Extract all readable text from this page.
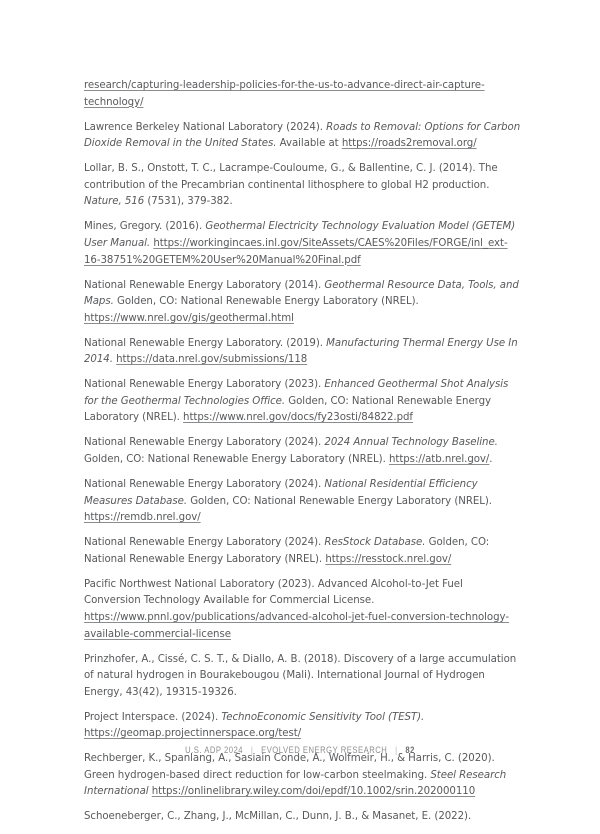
research/capturing-leadership-policies-for-the-us-to-advance-direct-air-capture-technology/

Lawrence Berkeley National Laboratory (2024). Roads to Removal: Options for Carbon Dioxide Removal in the United States. Available at https://roads2removal.org/

Lollar, B. S., Onstott, T. C., Lacrampe-Couloume, G., & Ballentine, C. J. (2014). The contribution of the Precambrian continental lithosphere to global H2 production. Nature, 516 (7531), 379-382.

Mines, Gregory. (2016). Geothermal Electricity Technology Evaluation Model (GETEM) User Manual. https://workingincaes.inl.gov/SiteAssets/CAES%20Files/FORGE/inl_ext-16-38751%20GETEM%20User%20Manual%20Final.pdf

National Renewable Energy Laboratory (2014). Geothermal Resource Data, Tools, and Maps. Golden, CO: National Renewable Energy Laboratory (NREL). https://www.nrel.gov/gis/geothermal.html

National Renewable Energy Laboratory. (2019). Manufacturing Thermal Energy Use In 2014. https://data.nrel.gov/submissions/118

National Renewable Energy Laboratory (2023). Enhanced Geothermal Shot Analysis for the Geothermal Technologies Office. Golden, CO: National Renewable Energy Laboratory (NREL). https://www.nrel.gov/docs/fy23osti/84822.pdf

National Renewable Energy Laboratory (2024). 2024 Annual Technology Baseline. Golden, CO: National Renewable Energy Laboratory (NREL). https://atb.nrel.gov/.

National Renewable Energy Laboratory (2024). National Residential Efficiency Measures Database. Golden, CO: National Renewable Energy Laboratory (NREL). https://remdb.nrel.gov/

National Renewable Energy Laboratory (2024). ResStock Database. Golden, CO: National Renewable Energy Laboratory (NREL). https://resstock.nrel.gov/

Pacific Northwest National Laboratory (2023). Advanced Alcohol-to-Jet Fuel Conversion Technology Available for Commercial License. https://www.pnnl.gov/publications/advanced-alcohol-jet-fuel-conversion-technology-available-commercial-license

Prinzhofer, A., Cissé, C. S. T., & Diallo, A. B. (2018). Discovery of a large accumulation of natural hydrogen in Bourakebougou (Mali). International Journal of Hydrogen Energy, 43(42), 19315-19326.

Project Interspace. (2024). TechnoEconomic Sensitivity Tool (TEST). https://geomap.projectinnerspace.org/test/

Rechberger, K., Spanlang, A., Sasiain Conde, A., Wolfmeir, H., & Harris, C. (2020). Green hydrogen-based direct reduction for low-carbon steelmaking. Steel Research International https://onlinelibrary.wiley.com/doi/epdf/10.1002/srin.202000110

Schoeneberger, C., Zhang, J., McMillan, C., Dunn, J. B., & Masanet, E. (2022).

U.S. ADP 2024 | EVOLVED ENERGY RESEARCH | 82
